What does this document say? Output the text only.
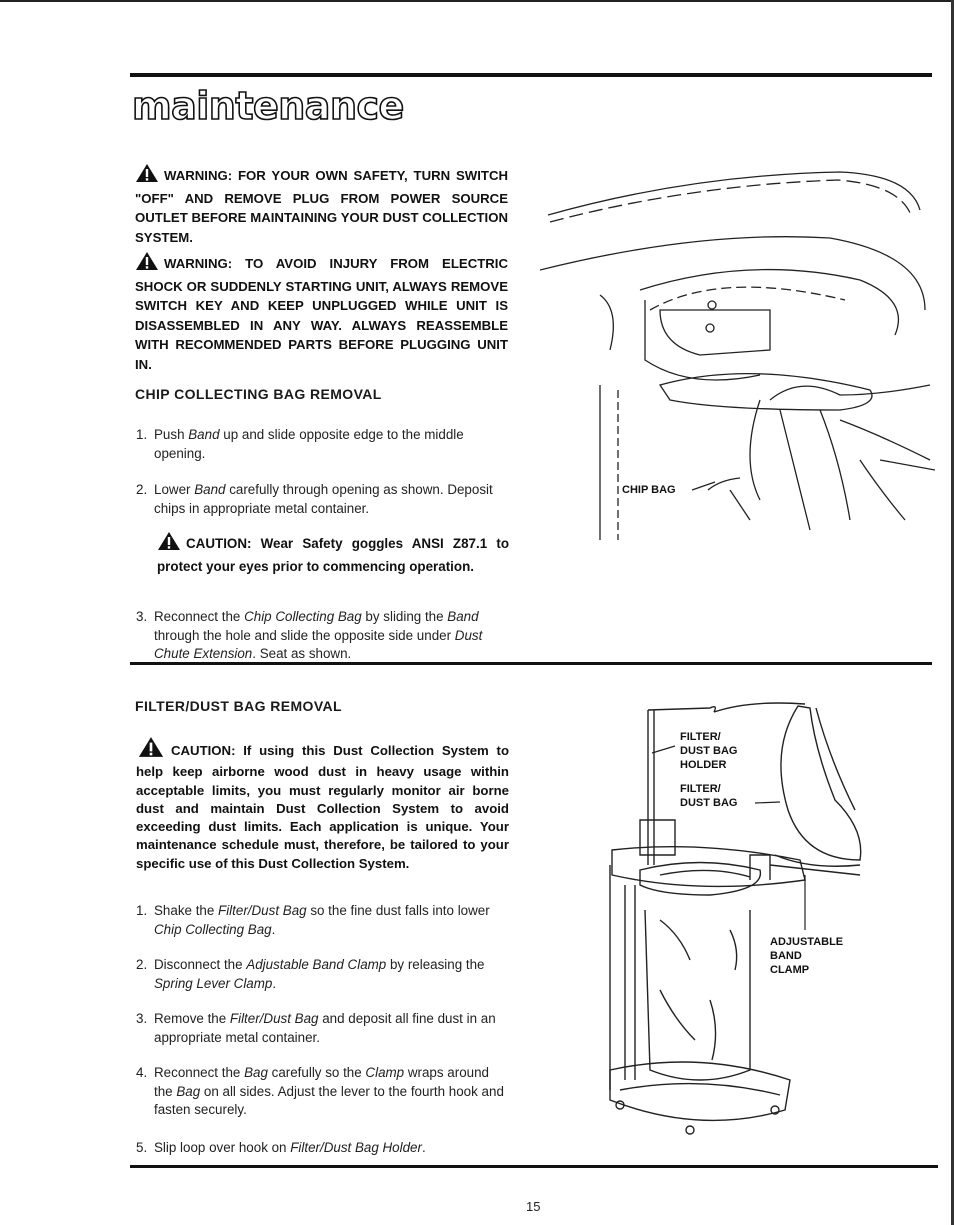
maintenance

WARNING: FOR YOUR OWN SAFETY, TURN SWITCH "OFF" AND REMOVE PLUG FROM POWER SOURCE OUTLET BEFORE MAINTAINING YOUR DUST COLLECTION SYSTEM.

WARNING: TO AVOID INJURY FROM ELECTRIC SHOCK OR SUDDENLY STARTING UNIT, ALWAYS REMOVE SWITCH KEY AND KEEP UNPLUGGED WHILE UNIT IS DISASSEMBLED IN ANY WAY. ALWAYS REASSEMBLE WITH RECOMMENDED PARTS BEFORE PLUGGING UNIT IN.

CHIP COLLECTING BAG REMOVAL
1. Push Band up and slide opposite edge to the middle opening.
2. Lower Band carefully through opening as shown. Deposit chips in appropriate metal container.

CAUTION: Wear Safety goggles ANSI Z87.1 to protect your eyes prior to commencing operation.

3. Reconnect the Chip Collecting Bag by sliding the Band through the hole and slide the opposite side under Dust Chute Extension. Seat as shown.
CHIP BAG
FILTER/DUST BAG REMOVAL

CAUTION: If using this Dust Collection System to help keep airborne wood dust in heavy usage within acceptable limits, you must regularly monitor air borne dust and maintain Dust Collection System to avoid exceeding dust limits. Each application is unique. Your maintenance schedule must, therefore, be tailored to your specific use of this Dust Collection System.

1. Shake the Filter/Dust Bag so the fine dust falls into lower Chip Collecting Bag.
2. Disconnect the Adjustable Band Clamp by releasing the Spring Lever Clamp.
3. Remove the Filter/Dust Bag and deposit all fine dust in an appropriate metal container.
4. Reconnect the Bag carefully so the Clamp wraps around the Bag on all sides. Adjust the lever to the fourth hook and fasten securely.
5. Slip loop over hook on Filter/Dust Bag Holder.
FILTER/ DUST BAG HOLDER
FILTER/ DUST BAG
ADJUSTABLE BAND CLAMP
15
